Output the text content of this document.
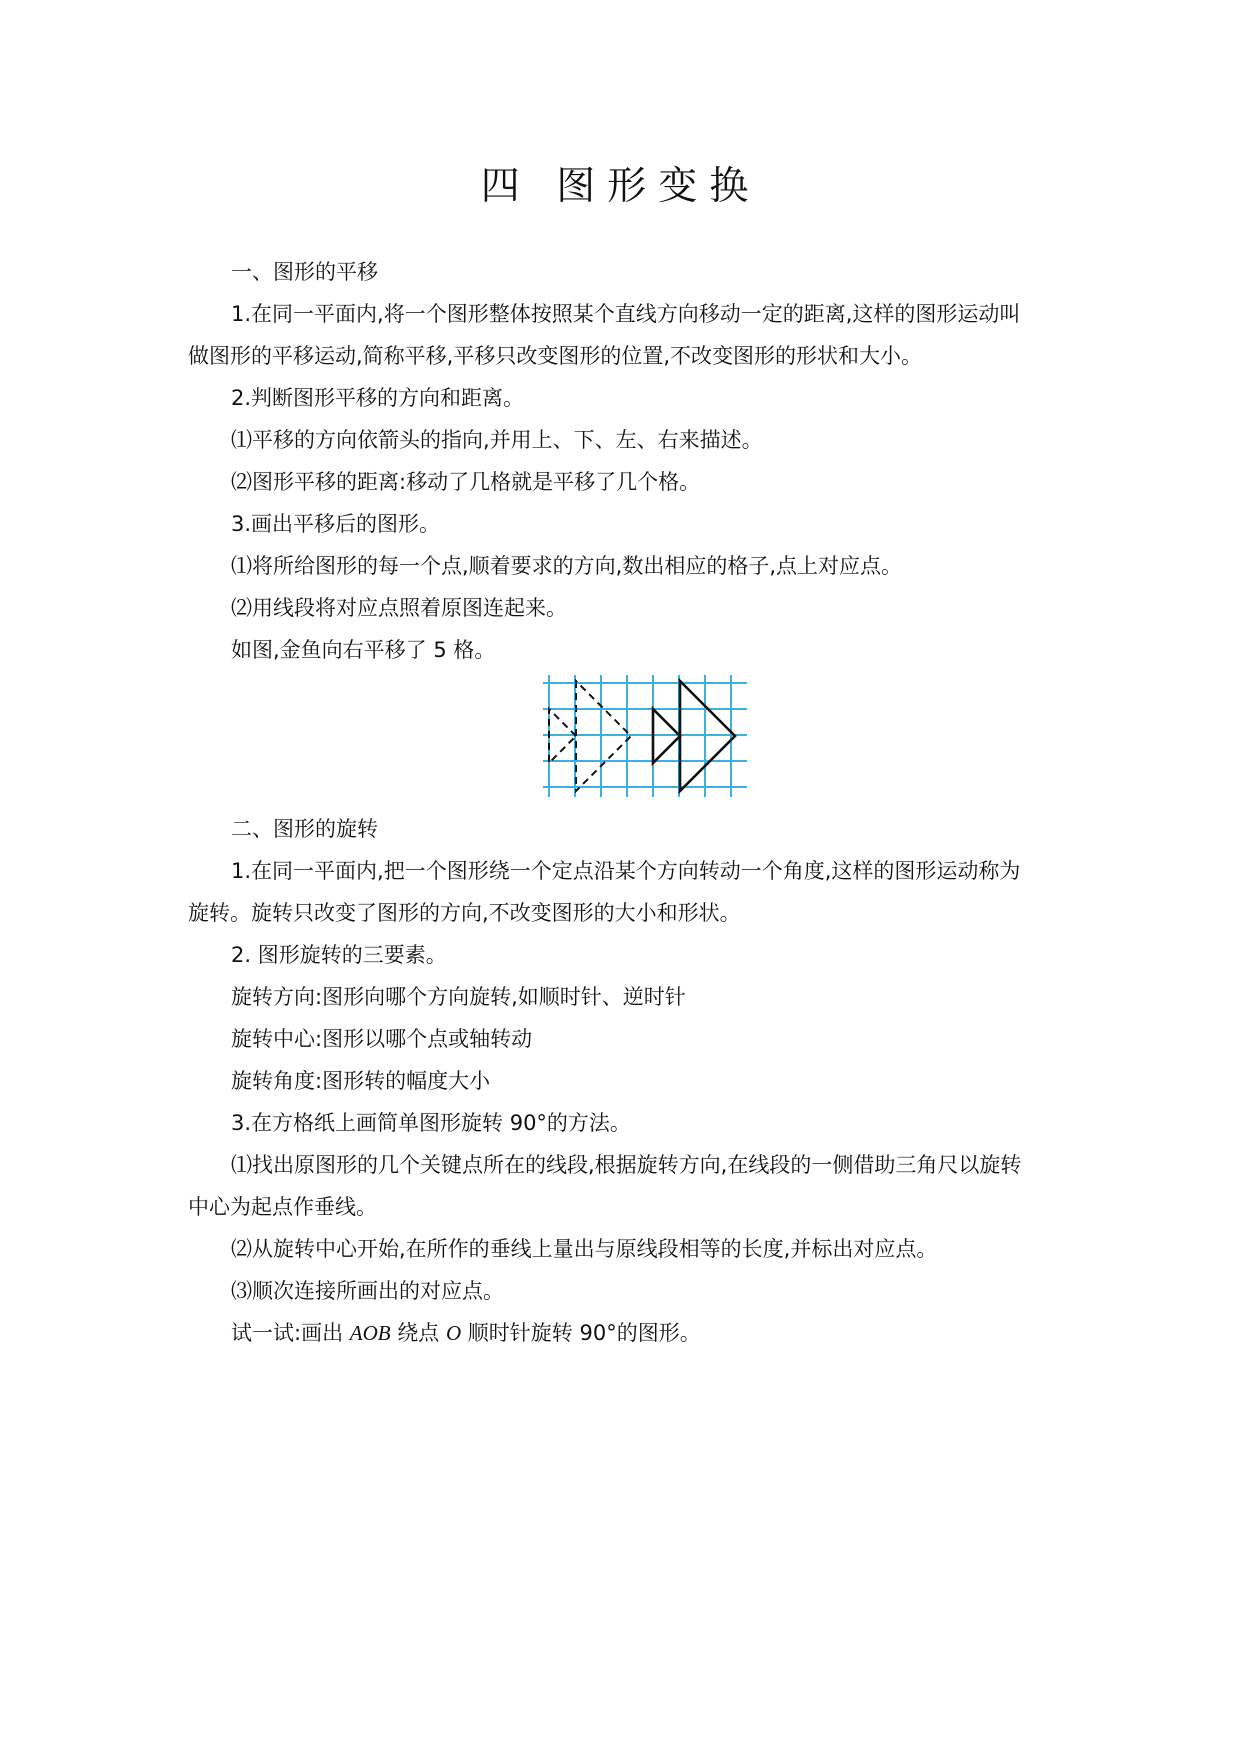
四 图形变换

一、图形的平移

1.在同一平面内,将一个图形整体按照某个直线方向移动一定的距离,这样的图形运动叫

做图形的平移运动,简称平移,平移只改变图形的位置,不改变图形的形状和大小。

2.判断图形平移的方向和距离。

⑴平移的方向依箭头的指向,并用上、下、左、右来描述。

⑵图形平移的距离:移动了几格就是平移了几个格。

3.画出平移后的图形。

⑴将所给图形的每一个点,顺着要求的方向,数出相应的格子,点上对应点。

⑵用线段将对应点照着原图连起来。

如图,金鱼向右平移了 5 格。

二、图形的旋转

1.在同一平面内,把一个图形绕一个定点沿某个方向转动一个角度,这样的图形运动称为

旋转。旋转只改变了图形的方向,不改变图形的大小和形状。

2. 图形旋转的三要素。

旋转方向:图形向哪个方向旋转,如顺时针、逆时针

旋转中心:图形以哪个点或轴转动

旋转角度:图形转的幅度大小

3.在方格纸上画简单图形旋转 90°的方法。

⑴找出原图形的几个关键点所在的线段,根据旋转方向,在线段的一侧借助三角尺以旋转

中心为起点作垂线。

⑵从旋转中心开始,在所作的垂线上量出与原线段相等的长度,并标出对应点。

⑶顺次连接所画出的对应点。

试一试:画出 AOB 绕点 O 顺时针旋转 90°的图形。
